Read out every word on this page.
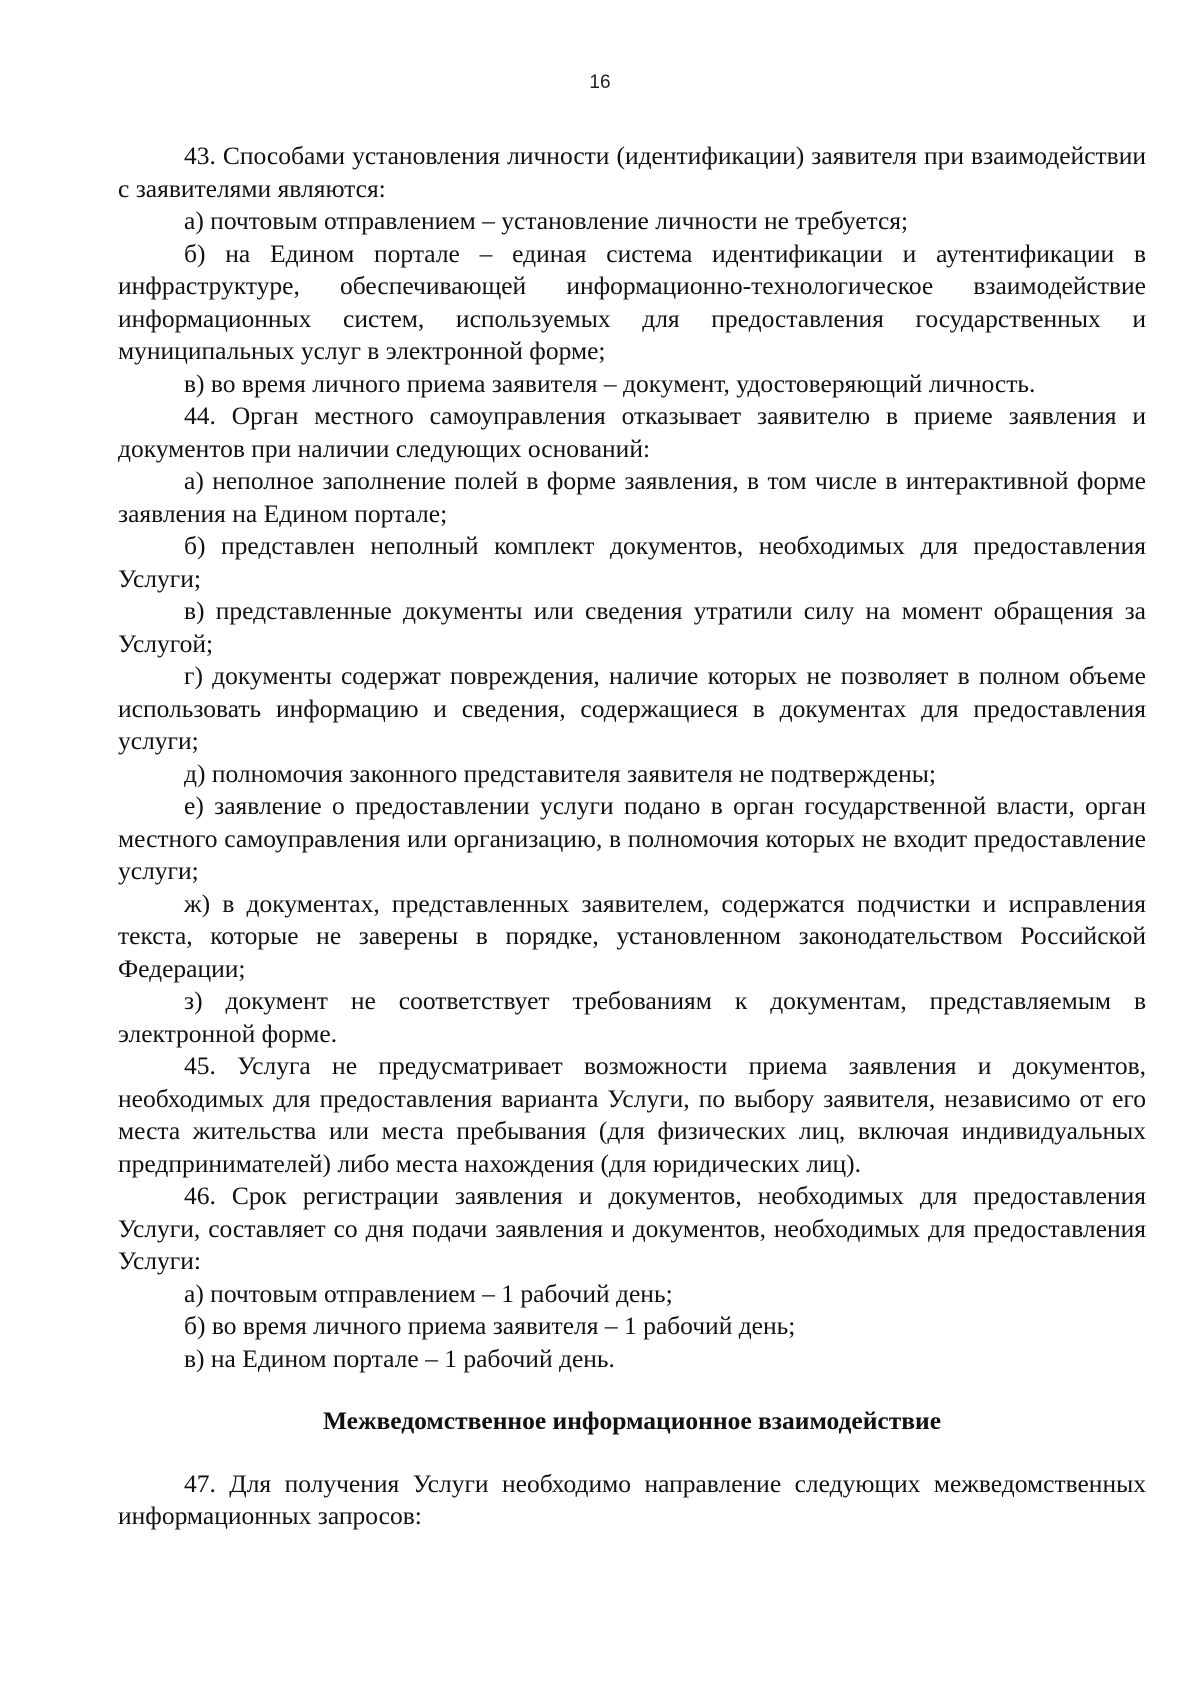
16

43. Способами установления личности (идентификации) заявителя при взаимодействии с заявителями являются:

а) почтовым отправлением – установление личности не требуется;

б) на Едином портале – единая система идентификации и аутентификации в инфраструктуре, обеспечивающей информационно-технологическое взаимодействие информационных систем, используемых для предоставления государственных и муниципальных услуг в электронной форме;

в) во время личного приема заявителя – документ, удостоверяющий личность.

44. Орган местного самоуправления отказывает заявителю в приеме заявления и документов при наличии следующих оснований:

а) неполное заполнение полей в форме заявления, в том числе в интерактивной форме заявления на Едином портале;

б) представлен неполный комплект документов, необходимых для предоставления Услуги;

в) представленные документы или сведения утратили силу на момент обращения за Услугой;

г) документы содержат повреждения, наличие которых не позволяет в полном объеме использовать информацию и сведения, содержащиеся в документах для предоставления услуги;

д) полномочия законного представителя заявителя не подтверждены;

е) заявление о предоставлении услуги подано в орган государственной власти, орган местного самоуправления или организацию, в полномочия которых не входит предоставление услуги;

ж) в документах, представленных заявителем, содержатся подчистки и исправления текста, которые не заверены в порядке, установленном законодательством Российской Федерации;

з) документ не соответствует требованиям к документам, представляемым в электронной форме.

45. Услуга не предусматривает возможности приема заявления и документов, необходимых для предоставления варианта Услуги, по выбору заявителя, независимо от его места жительства или места пребывания (для физических лиц, включая индивидуальных предпринимателей) либо места нахождения (для юридических лиц).

46. Срок регистрации заявления и документов, необходимых для предоставления Услуги, составляет со дня подачи заявления и документов, необходимых для предоставления Услуги:

а) почтовым отправлением – 1 рабочий день;

б) во время личного приема заявителя – 1 рабочий день;

в) на Едином портале – 1 рабочий день.

Межведомственное информационное взаимодействие

47. Для получения Услуги необходимо направление следующих межведомственных информационных запросов:
